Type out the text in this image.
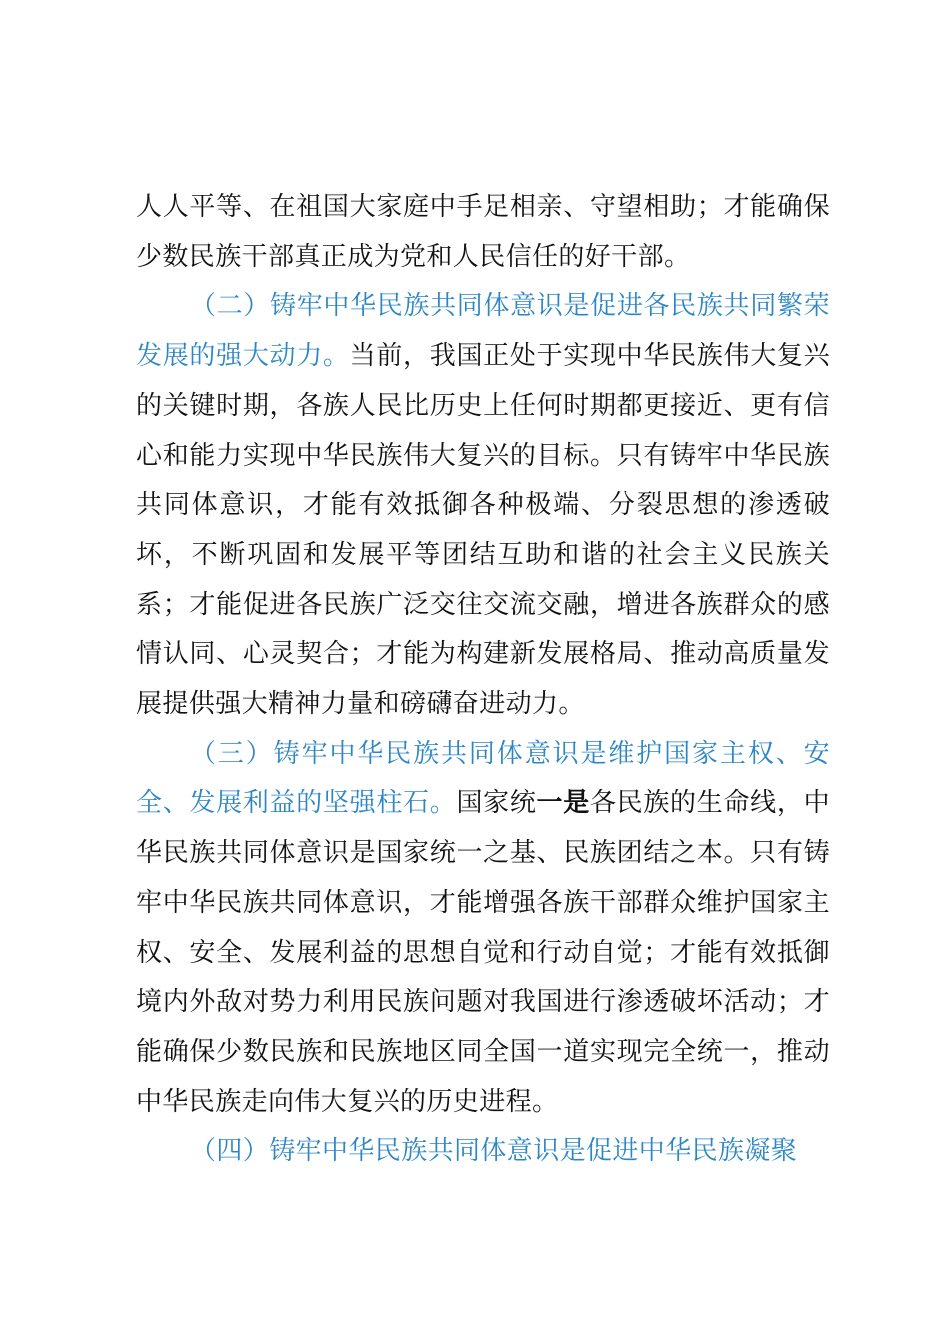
人人平等、在祖国大家庭中手足相亲、守望相助；才能确保少数民族干部真正成为党和人民信任的好干部。

（二）铸牢中华民族共同体意识是促进各民族共同繁荣发展的强大动力。当前，我国正处于实现中华民族伟大复兴的关键时期，各族人民比历史上任何时期都更接近、更有信心和能力实现中华民族伟大复兴的目标。只有铸牢中华民族共同体意识，才能有效抵御各种极端、分裂思想的渗透破坏，不断巩固和发展平等团结互助和谐的社会主义民族关系；才能促进各民族广泛交往交流交融，增进各族群众的感情认同、心灵契合；才能为构建新发展格局、推动高质量发展提供强大精神力量和磅礴奋进动力。

（三）铸牢中华民族共同体意识是维护国家主权、安全、发展利益的坚强柱石。国家统一是各民族的生命线，中华民族共同体意识是国家统一之基、民族团结之本。只有铸牢中华民族共同体意识，才能增强各族干部群众维护国家主权、安全、发展利益的思想自觉和行动自觉；才能有效抵御境内外敌对势力利用民族问题对我国进行渗透破坏活动；才能确保少数民族和民族地区同全国一道实现完全统一，推动中华民族走向伟大复兴的历史进程。

（四）铸牢中华民族共同体意识是促进中华民族凝聚
